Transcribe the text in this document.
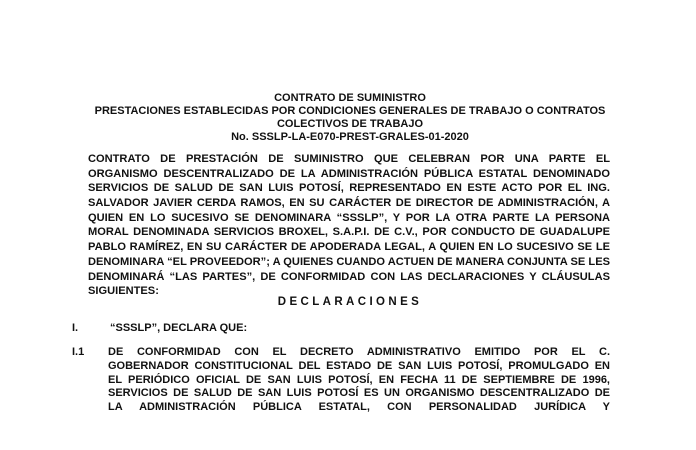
CONTRATO DE SUMINISTRO
PRESTACIONES ESTABLECIDAS POR CONDICIONES GENERALES DE TRABAJO O CONTRATOS
COLECTIVOS DE TRABAJO
No. SSSLP-LA-E070-PREST-GRALES-01-2020
CONTRATO DE PRESTACIÓN DE SUMINISTRO QUE CELEBRAN POR UNA PARTE EL
ORGANISMO DESCENTRALIZADO DE LA ADMINISTRACIÓN PÚBLICA ESTATAL DENOMINADO
SERVICIOS DE SALUD DE SAN LUIS POTOSÍ, REPRESENTADO EN ESTE ACTO POR EL ING.
SALVADOR JAVIER CERDA RAMOS, EN SU CARÁCTER DE DIRECTOR DE ADMINISTRACIÓN, A
QUIEN EN LO SUCESIVO SE DENOMINARA “SSSLP”, Y POR LA OTRA PARTE LA PERSONA
MORAL DENOMINADA SERVICIOS BROXEL, S.A.P.I. DE C.V., POR CONDUCTO DE GUADALUPE
PABLO RAMÍREZ, EN SU CARÁCTER DE APODERADA LEGAL, A QUIEN EN LO SUCESIVO SE LE
DENOMINARA “EL PROVEEDOR”; A QUIENES CUANDO ACTUEN DE MANERA CONJUNTA SE LES
DENOMINARÁ “LAS PARTES”, DE CONFORMIDAD CON LAS DECLARACIONES Y CLÁUSULAS
SIGUIENTES:
DECLARACIONES
I.	“SSSLP”, DECLARA QUE:
I.1 DE CONFORMIDAD CON EL DECRETO ADMINISTRATIVO EMITIDO POR EL C.
GOBERNADOR CONSTITUCIONAL DEL ESTADO DE SAN LUIS POTOSÍ, PROMULGADO EN
EL PERIÓDICO OFICIAL DE SAN LUIS POTOSÍ, EN FECHA 11 DE SEPTIEMBRE DE 1996,
SERVICIOS DE SALUD DE SAN LUIS POTOSÍ ES UN ORGANISMO DESCENTRALIZADO DE
LA ADMINISTRACIÓN PÚBLICA ESTATAL, CON PERSONALIDAD JURÍDICA Y
